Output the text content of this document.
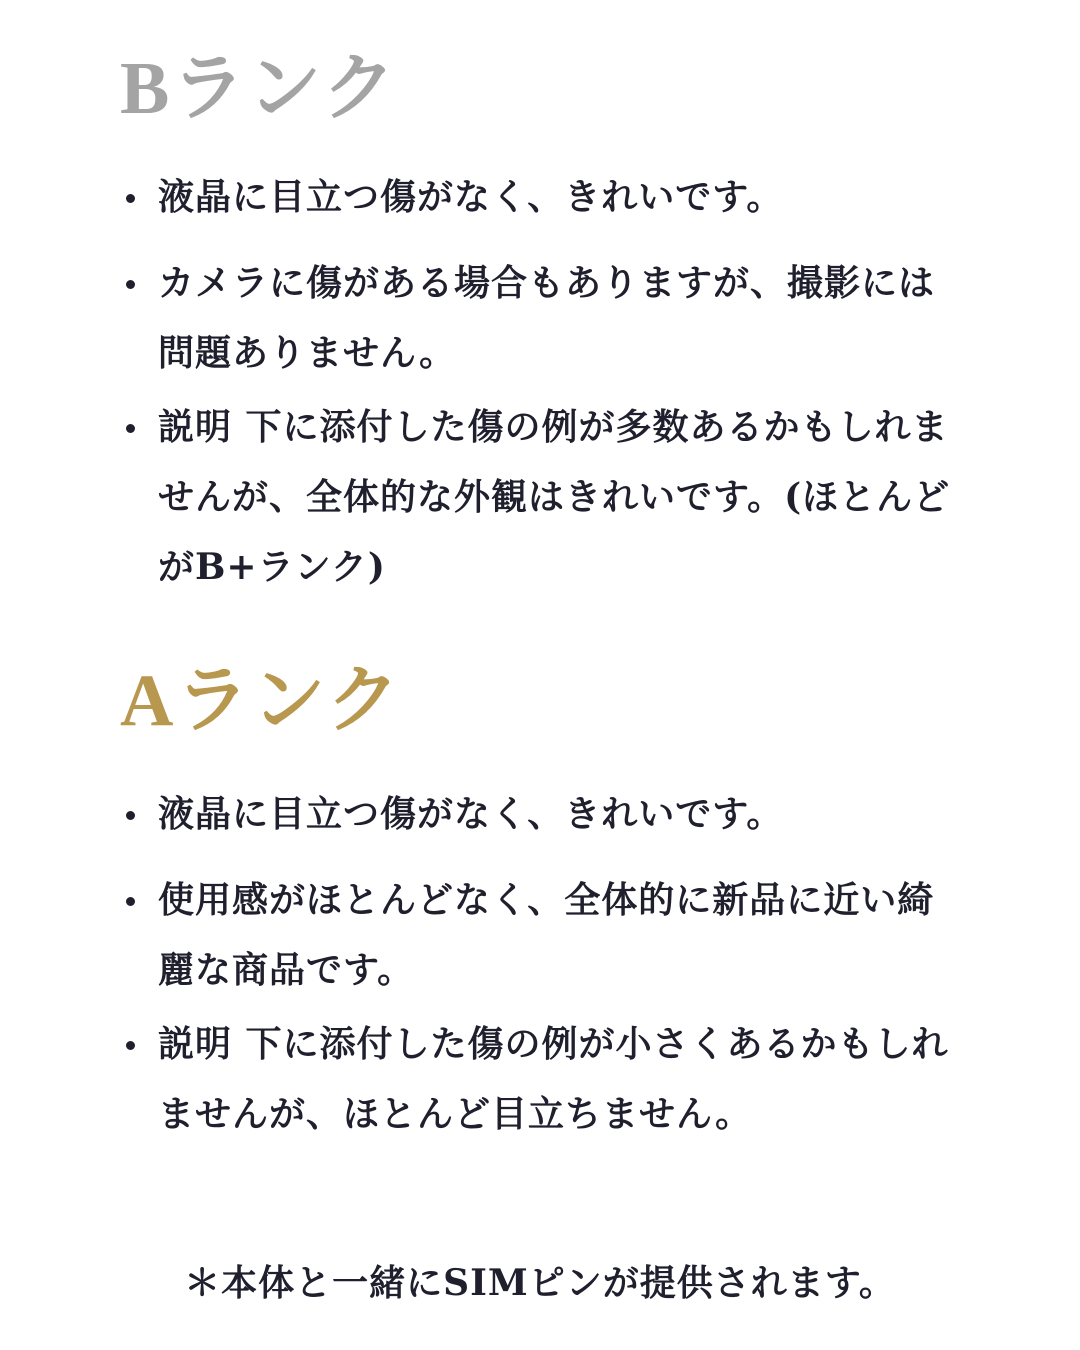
Bランク
液晶に目立つ傷がなく、きれいです。
カメラに傷がある場合もありますが、撮影には問題ありません。
説明 下に添付した傷の例が多数あるかもしれませんが、全体的な外観はきれいです。(ほとんどがB+ランク)
Aランク
液晶に目立つ傷がなく、きれいです。
使用感がほとんどなく、全体的に新品に近い綺麗な商品です。
説明 下に添付した傷の例が小さくあるかもしれませんが、ほとんど目立ちません。

＊本体と一緒にSIMピンが提供されます。
